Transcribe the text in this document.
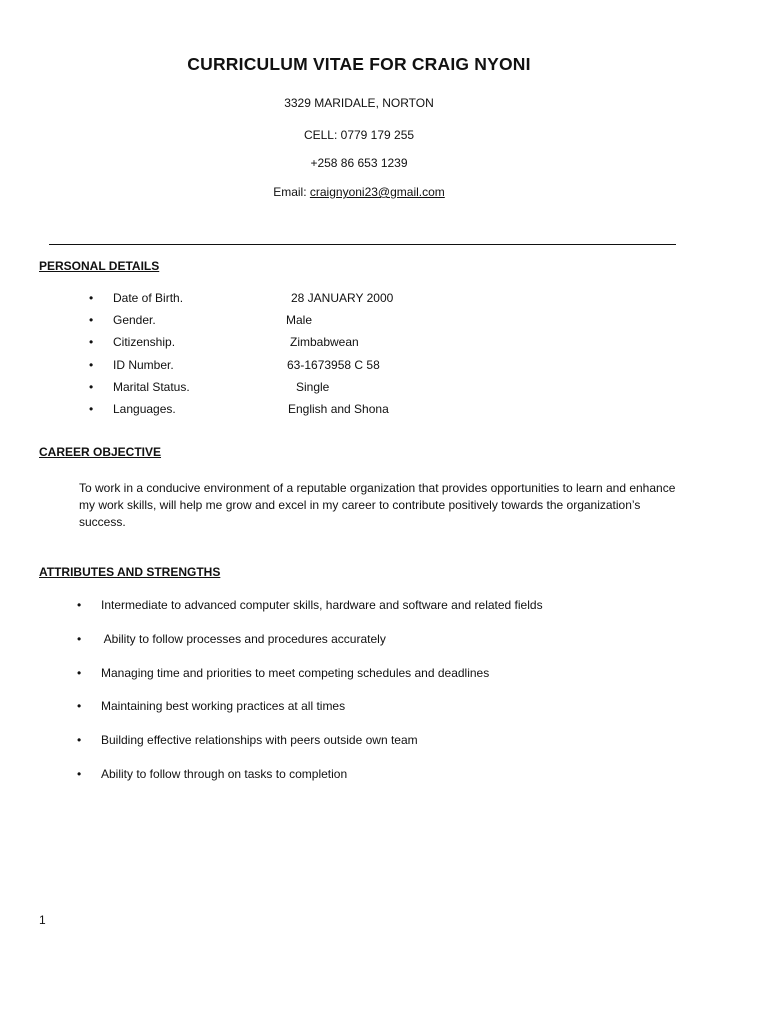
CURRICULUM VITAE FOR CRAIG NYONI
3329 MARIDALE, NORTON
CELL: 0779 179 255
+258 86 653 1239
Email: craignyoni23@gmail.com
PERSONAL DETAILS
• Date of Birth.	28 JANUARY 2000
• Gender.	Male
• Citizenship.	Zimbabwean
• ID Number.	63-1673958 C 58
• Marital Status.	Single
• Languages.	English and Shona
CAREER OBJECTIVE
To work in a conducive environment of a reputable organization that provides opportunities to learn and enhance my work skills, will help me grow and excel in my career to contribute positively towards the organization’s success.
ATTRIBUTES AND STRENGTHS
• Intermediate to advanced computer skills, hardware and software and related fields
• Ability to follow processes and procedures accurately
• Managing time and priorities to meet competing schedules and deadlines
• Maintaining best working practices at all times
• Building effective relationships with peers outside own team
• Ability to follow through on tasks to completion
1
